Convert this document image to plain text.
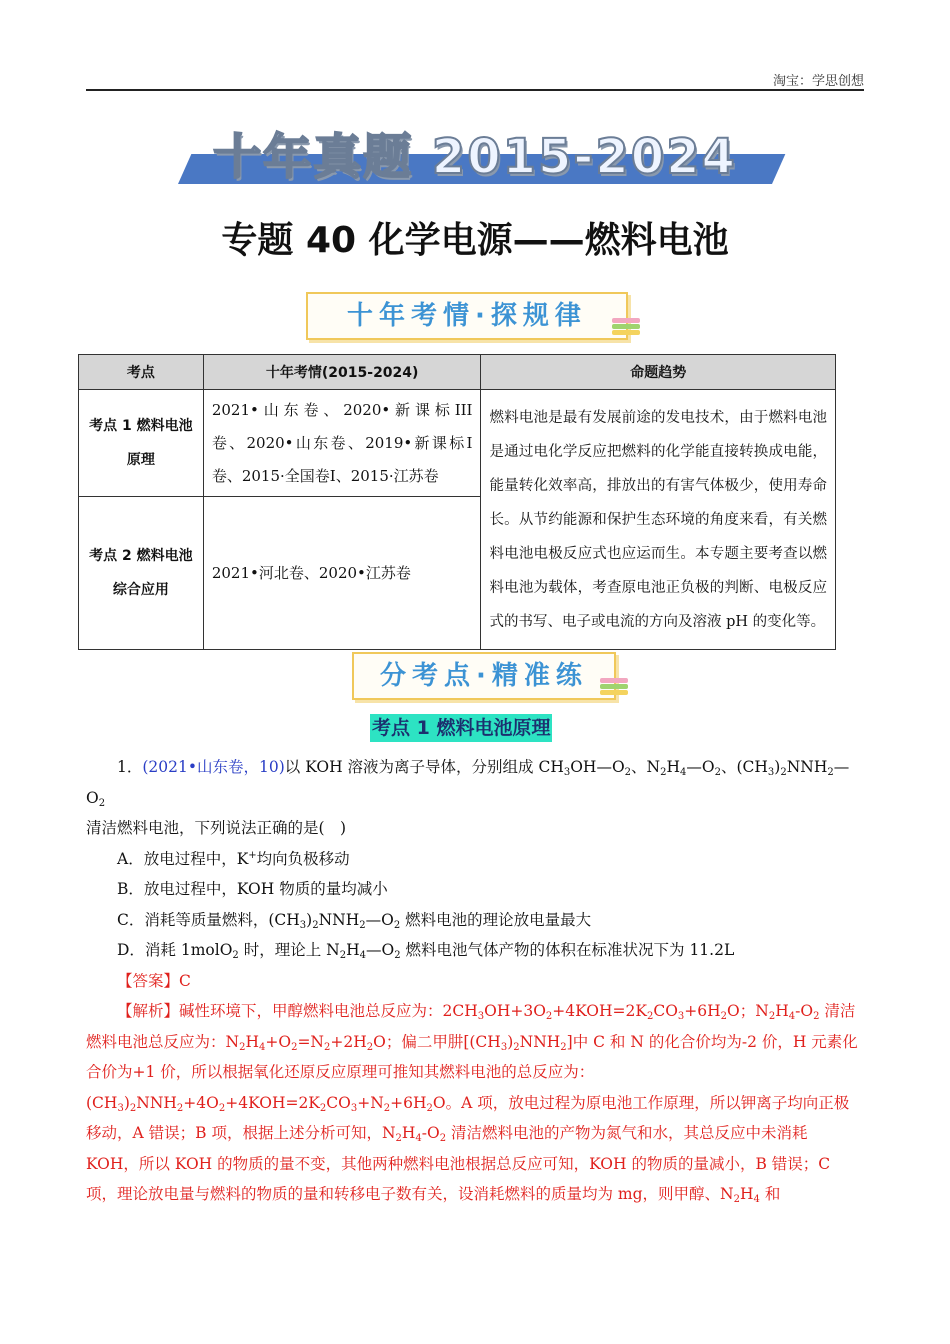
淘宝：学思创想
十年真题 2015-2024
专题 40 化学电源——燃料电池
十年考情·探规律
考点	十年考情(2015-2024)	命题趋势
考点 1 燃料电池原理	2021• 山 东 卷 、 2020• 新 课 标 III 卷、2020•山东卷、2019•新课标Ⅰ卷、2015·全国卷Ⅰ、2015·江苏卷	燃料电池是最有发展前途的发电技术，由于燃料电池是通过电化学反应把燃料的化学能直接转换成电能，能量转化效率高，排放出的有害气体极少，使用寿命长。从节约能源和保护生态环境的角度来看，有关燃料电池电极反应式也应运而生。本专题主要考查以燃料电池为载体，考查原电池正负极的判断、电极反应式的书写、电子或电流的方向及溶液 pH 的变化等。
考点 2 燃料电池综合应用	2021•河北卷、2020•江苏卷	
分考点·精准练
考点 1 燃料电池原理

1．(2021•山东卷，10)以 KOH 溶液为离子导体，分别组成 $CH_3OH—O_2$、$N_2H_4—O_2$、$(CH_3)_2NNH_2—O_2$

清洁燃料电池，下列说法正确的是(　)

A．放电过程中，K+均向负极移动

B．放电过程中，KOH 物质的量均减小

C．消耗等质量燃料，$(CH_3)_2NNH_2—O_2$ 燃料电池的理论放电量最大

D．消耗 1molO$_2$ 时，理论上 $N_2H_4—O_2$ 燃料电池气体产物的体积在标准状况下为 11.2L

【答案】C

【解析】碱性环境下，甲醇燃料电池总反应为：$2CH_3OH+3O_2+4KOH=2K_2CO_3+6H_2O$；$N_2H_4-O_2$ 清洁燃料电池总反应为：$N_2H_4+O_2=N_2+2H_2O$；偏二甲肼$[(CH_3)_2NNH_2]$中 C 和 N 的化合价均为-2 价，H 元素化合价为+1 价，所以根据氧化还原反应原理可推知其燃料电池的总反应为：$(CH_3)_2NNH_2+4O_2+4KOH=2K_2CO_3+N_2+6H_2O$。A 项，放电过程为原电池工作原理，所以钾离子均向正极移动，A 错误；B 项，根据上述分析可知，$N_2H_4-O_2$ 清洁燃料电池的产物为氮气和水，其总反应中未消耗 KOH，所以 KOH 的物质的量不变，其他两种燃料电池根据总反应可知，KOH 的物质的量减小，B 错误；C 项，理论放电量与燃料的物质的量和转移电子数有关，设消耗燃料的质量均为 mg，则甲醇、$N_2H_4$ 和
